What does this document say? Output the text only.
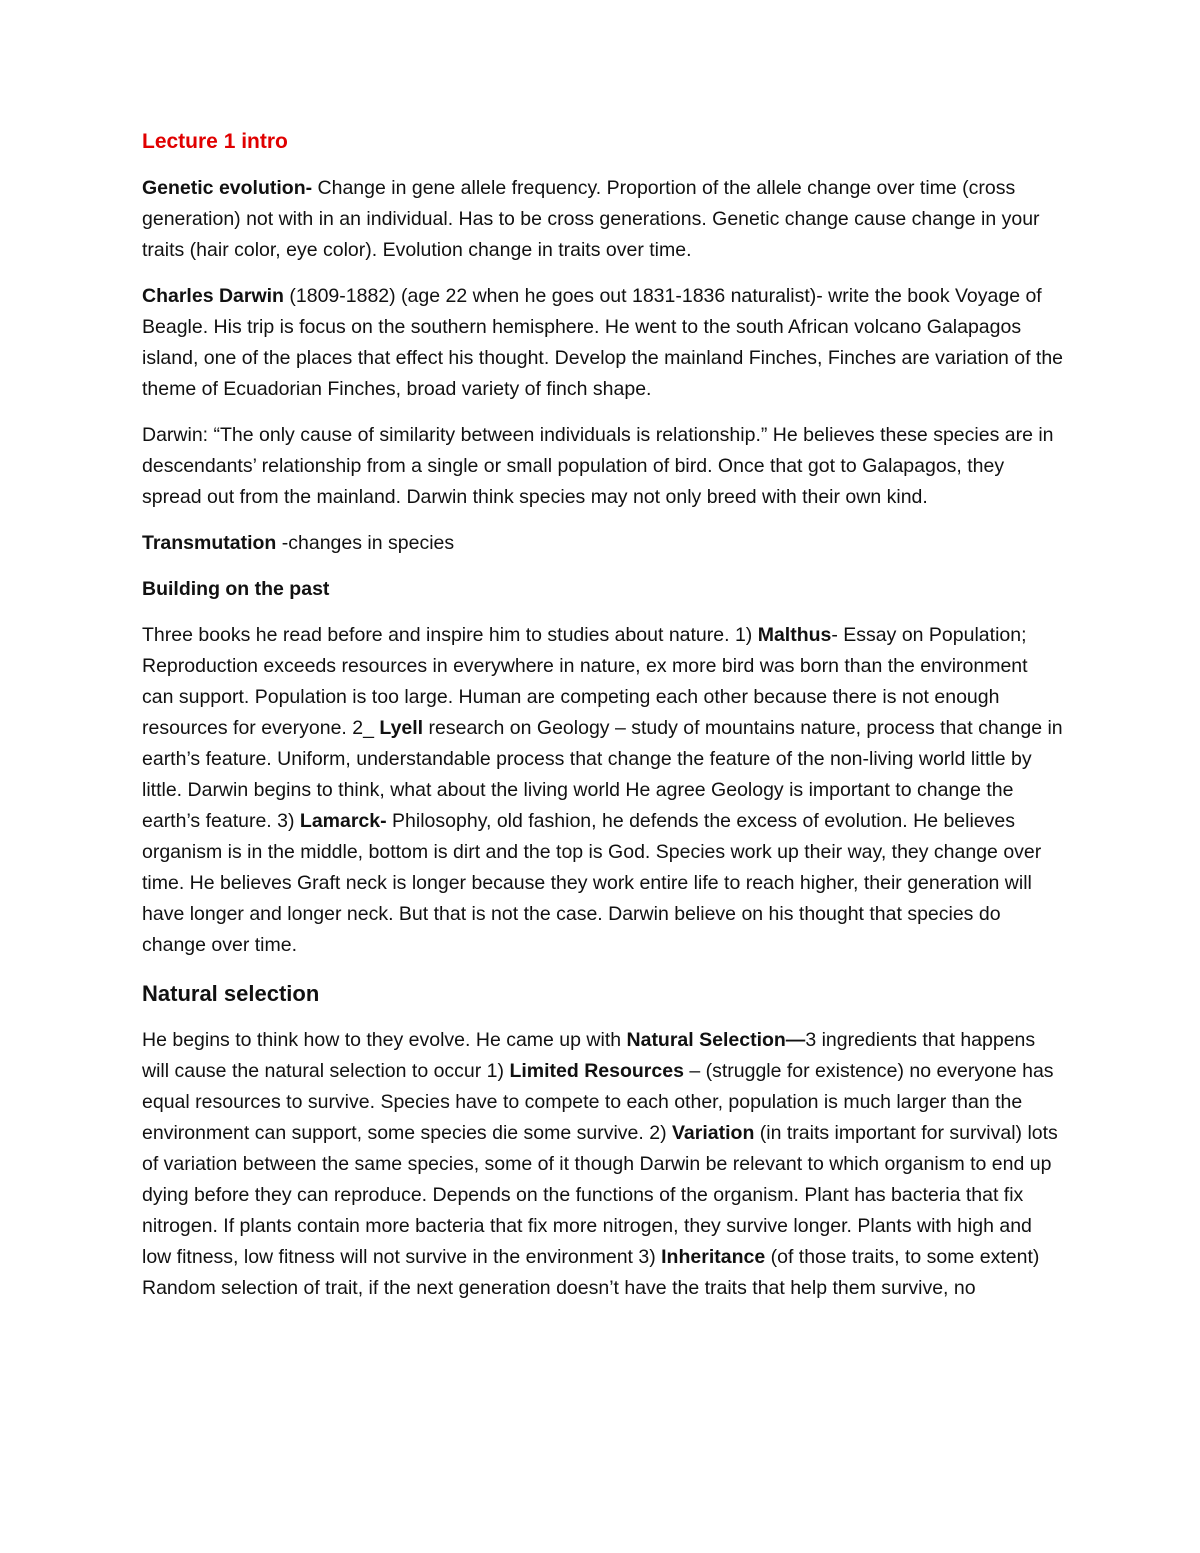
Lecture 1 intro

Genetic evolution- Change in gene allele frequency. Proportion of the allele change over time (cross generation) not with in an individual. Has to be cross generations. Genetic change cause change in your traits (hair color, eye color). Evolution change in traits over time.

Charles Darwin (1809-1882) (age 22 when he goes out 1831-1836 naturalist)- write the book Voyage of Beagle. His trip is focus on the southern hemisphere. He went to the south African volcano Galapagos island, one of the places that effect his thought. Develop the mainland Finches, Finches are variation of the theme of Ecuadorian Finches, broad variety of finch shape.

Darwin: “The only cause of similarity between individuals is relationship.” He believes these species are in descendants’ relationship from a single or small population of bird. Once that got to Galapagos, they spread out from the mainland. Darwin think species may not only breed with their own kind.

Transmutation -changes in species

Building on the past

Three books he read before and inspire him to studies about nature. 1) Malthus- Essay on Population; Reproduction exceeds resources in everywhere in nature, ex more bird was born than the environment can support. Population is too large. Human are competing each other because there is not enough resources for everyone. 2_ Lyell research on Geology – study of mountains nature, process that change in earth’s feature. Uniform, understandable process that change the feature of the non-living world little by little. Darwin begins to think, what about the living world He agree Geology is important to change the earth’s feature. 3) Lamarck- Philosophy, old fashion, he defends the excess of evolution. He believes organism is in the middle, bottom is dirt and the top is God. Species work up their way, they change over time. He believes Graft neck is longer because they work entire life to reach higher, their generation will have longer and longer neck. But that is not the case. Darwin believe on his thought that species do change over time.

Natural selection

He begins to think how to they evolve. He came up with Natural Selection—3 ingredients that happens will cause the natural selection to occur 1) Limited Resources – (struggle for existence) no everyone has equal resources to survive. Species have to compete to each other, population is much larger than the environment can support, some species die some survive. 2) Variation (in traits important for survival) lots of variation between the same species, some of it though Darwin be relevant to which organism to end up dying before they can reproduce. Depends on the functions of the organism. Plant has bacteria that fix nitrogen. If plants contain more bacteria that fix more nitrogen, they survive longer. Plants with high and low fitness, low fitness will not survive in the environment 3) Inheritance (of those traits, to some extent) Random selection of trait, if the next generation doesn’t have the traits that help them survive, no
